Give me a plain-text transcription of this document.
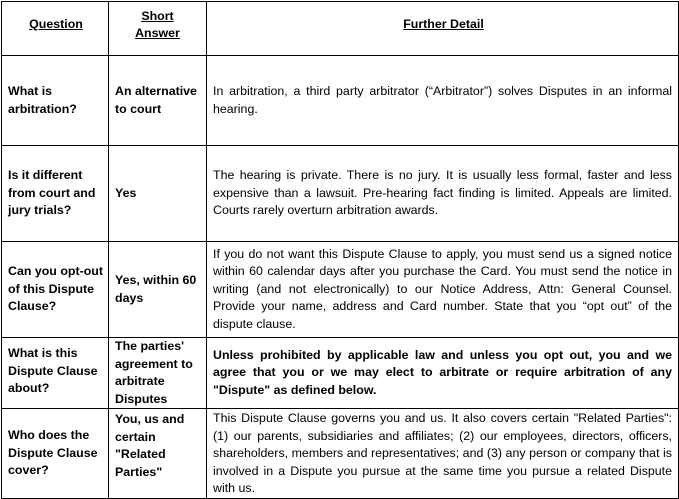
Question	Short Answer	Further Detail
What is arbitration?	An alternative to court	In arbitration, a third party arbitrator (“Arbitrator”) solves Disputes in an informal hearing.
Is it different from court and jury trials?	Yes	The hearing is private. There is no jury. It is usually less formal, faster and less expensive than a lawsuit. Pre-hearing fact finding is limited. Appeals are limited. Courts rarely overturn arbitration awards.
Can you opt-out of this Dispute Clause?	Yes, within 60 days	If you do not want this Dispute Clause to apply, you must send us a signed notice within 60 calendar days after you purchase the Card. You must send the notice in writing (and not electronically) to our Notice Address, Attn: General Counsel. Provide your name, address and Card number. State that you “opt out” of the dispute clause.
What is this Dispute Clause about?	The parties' agreement to arbitrate Disputes	Unless prohibited by applicable law and unless you opt out, you and we agree that you or we may elect to arbitrate or require arbitration of any "Dispute" as defined below.
Who does the Dispute Clause cover?	You, us and certain "Related Parties"	This Dispute Clause governs you and us. It also covers certain "Related Parties": (1) our parents, subsidiaries and affiliates; (2) our employees, directors, officers, shareholders, members and representatives; and (3) any person or company that is involved in a Dispute you pursue at the same time you pursue a related Dispute with us.
